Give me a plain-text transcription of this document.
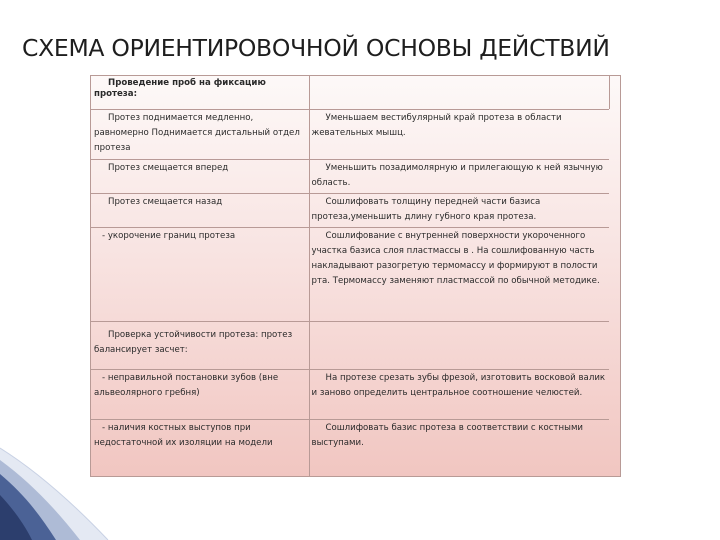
СХЕМА ОРИЕНТИРОВОЧНОЙ ОСНОВЫ ДЕЙСТВИЙ
Проведение проб на фиксацию протеза:	
Протез поднимается медленно, равномерно Поднимается дистальный отдел протеза	Уменьшаем вестибулярный край протеза в области жевательных мышц.
Протез смещается вперед	Уменьшить позадимолярную и прилегающую к ней язычную область.
Протез смещается назад	Сошлифовать толщину передней части базиса протеза,уменьшить длину губного края протеза.
- укорочение границ протеза	Сошлифование с внутренней поверхности укороченного участка базиса слоя пластмассы в . На сошлифованную часть накладывают разогретую термомассу и формируют в полости рта. Термомассу заменяют пластмассой по обычной методике.
Проверка устойчивости протеза: протез балансирует засчет:	
- неправильной постановки зубов (вне альвеолярного гребня)	На протезе срезать зубы фрезой, изготовить восковой валик и заново определить центральное соотношение челюстей.
- наличия костных выступов при недостаточной их изоляции на модели	Сошлифовать базис протеза в соответствии с костными выступами.
